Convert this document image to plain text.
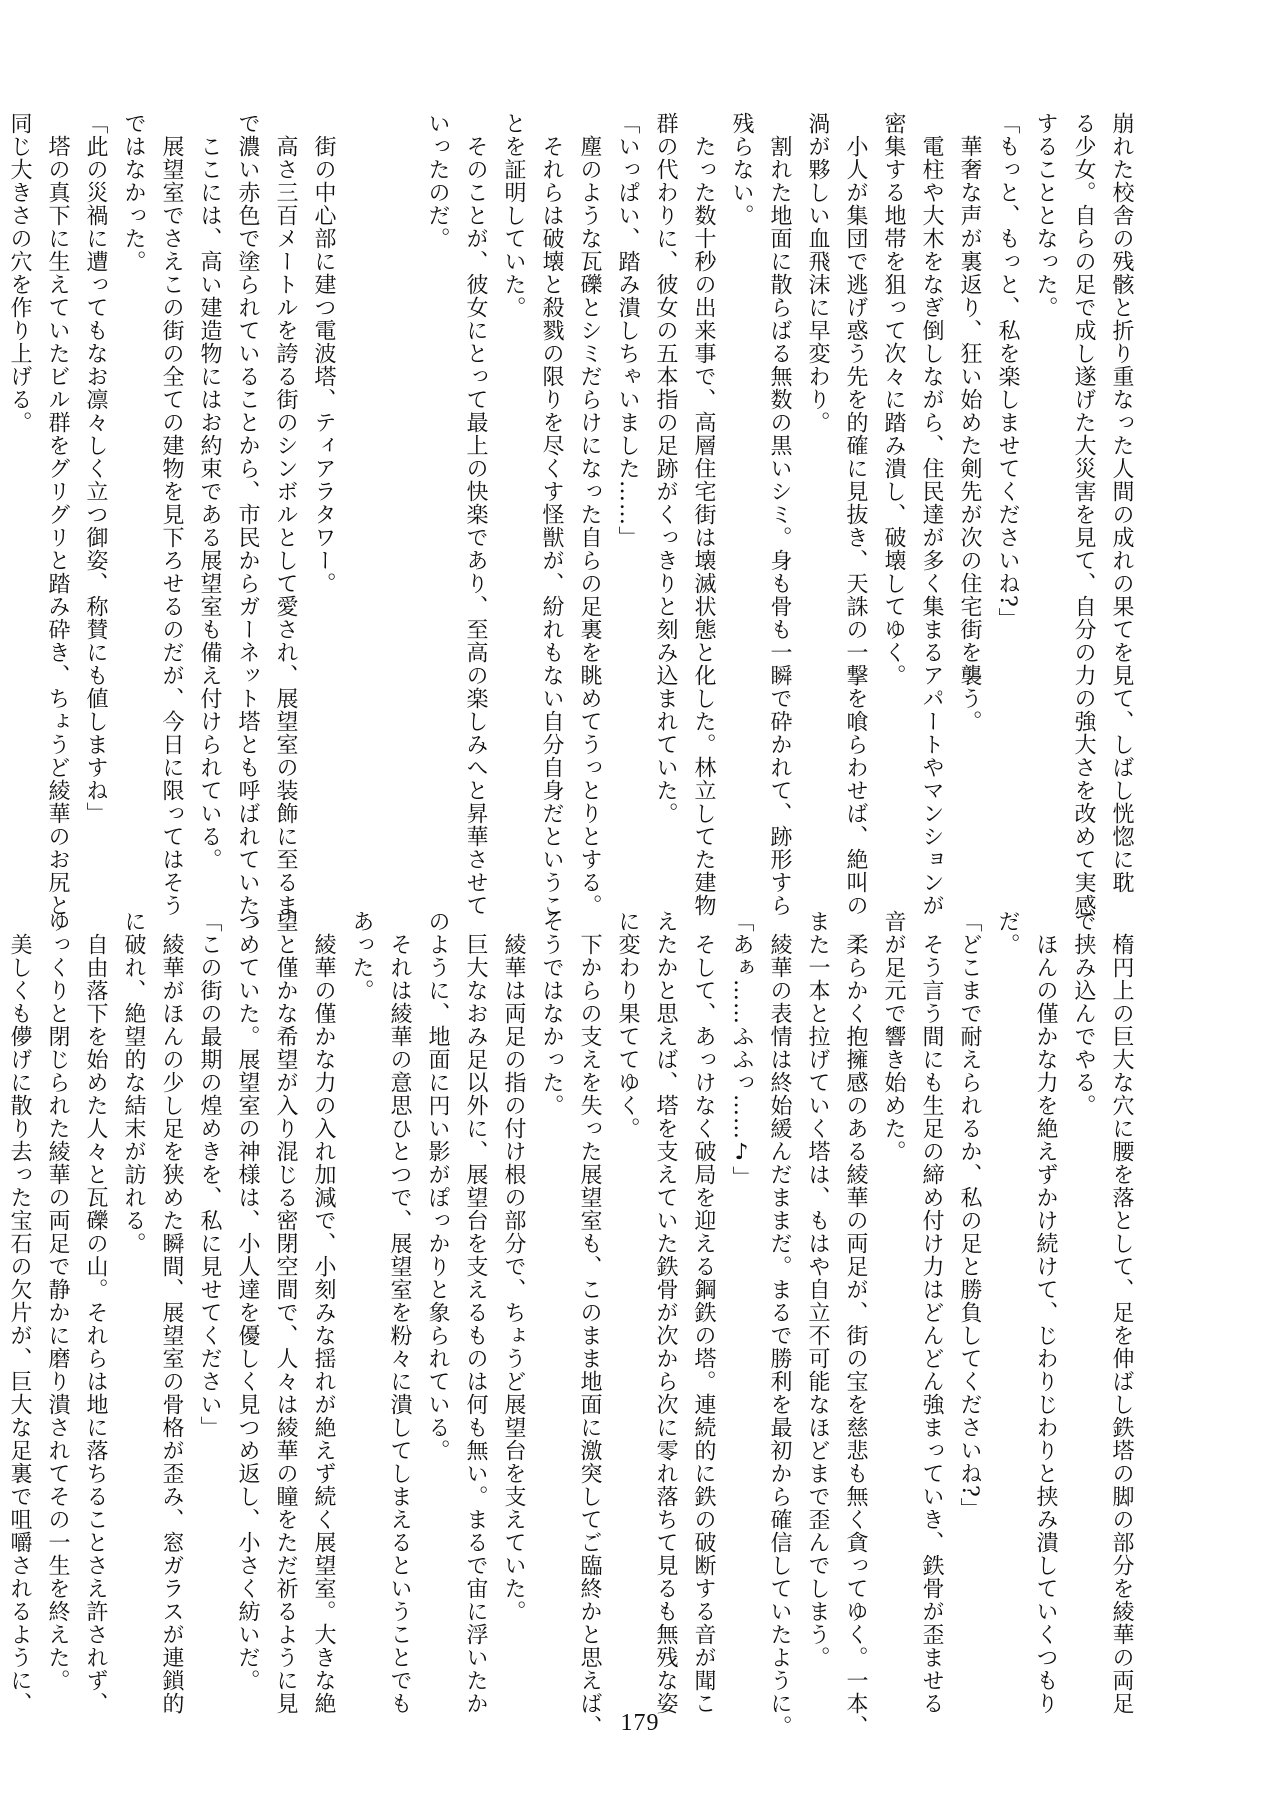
崩れた校舎の残骸と折り重なった人間の成れの果てを見て、しばし恍惚に耽
る少女。自らの足で成し遂げた大災害を見て、自分の力の強大さを改めて実感
することとなった。
「もっと、もっと、私を楽しませてくださいね?」
　華奢な声が裏返り、狂い始めた剣先が次の住宅街を襲う。
　電柱や大木をなぎ倒しながら、住民達が多く集まるアパートやマンションが
密集する地帯を狙って次々に踏み潰し、破壊してゆく。
　小人が集団で逃げ惑う先を的確に見抜き、天誅の一撃を喰らわせば、絶叫の
渦が夥しい血飛沫に早変わり。
　割れた地面に散らばる無数の黒いシミ。身も骨も一瞬で砕かれて、跡形すら
残らない。
　たった数十秒の出来事で、高層住宅街は壊滅状態と化した。林立してた建物
群の代わりに、彼女の五本指の足跡がくっきりと刻み込まれていた。
「いっぱい、踏み潰しちゃいました……」
　塵のような瓦礫とシミだらけになった自らの足裏を眺めてうっとりとする。
　それらは破壊と殺戮の限りを尽くす怪獣が、紛れもない自分自身だというこ
とを証明していた。
　そのことが、彼女にとって最上の快楽であり、至高の楽しみへと昇華させて
いったのだ。

　街の中心部に建つ電波塔、ティアラタワー。
　高さ三百メートルを誇る街のシンボルとして愛され、展望室の装飾に至るま
で濃い赤色で塗られていることから、市民からガーネット塔とも呼ばれていた。
　ここには、高い建造物にはお約束である展望室も備え付けられている。
　展望室でさえこの街の全ての建物を見下ろせるのだが、今日に限ってはそう
ではなかった。
「此の災禍に遭ってもなお凛々しく立つ御姿、称賛にも値しますね」
　塔の真下に生えていたビル群をグリグリと踏み砕き、ちょうど綾華のお尻と
同じ大きさの穴を作り上げる。
　楕円上の巨大な穴に腰を落として、足を伸ばし鉄塔の脚の部分を綾華の両足
で挟み込んでやる。
　ほんの僅かな力を絶えずかけ続けて、じわりじわりと挟み潰していくつもり
だ。
「どこまで耐えられるか、私の足と勝負してくださいね?」
　そう言う間にも生足の締め付け力はどんどん強まっていき、鉄骨が歪ませる
音が足元で響き始めた。
　柔らかく抱擁感のある綾華の両足が、街の宝を慈悲も無く貪ってゆく。一本、
また一本と拉げていく塔は、もはや自立不可能なほどまで歪んでしまう。
　綾華の表情は終始緩んだままだ。まるで勝利を最初から確信していたように。
「あぁ……ふふっ……♪」
　そして、あっけなく破局を迎える鋼鉄の塔。連続的に鉄の破断する音が聞こ
えたかと思えば、塔を支えていた鉄骨が次から次に零れ落ちて見るも無残な姿
に変わり果ててゆく。
　下からの支えを失った展望室も、このまま地面に激突してご臨終かと思えば、
そうではなかった。
　綾華は両足の指の付け根の部分で、ちょうど展望台を支えていた。
　巨大なおみ足以外に、展望台を支えるものは何も無い。まるで宙に浮いたか
のように、地面に円い影がぽっかりと象られている。
　それは綾華の意思ひとつで、展望室を粉々に潰してしまえるということでも
あった。
　綾華の僅かな力の入れ加減で、小刻みな揺れが絶えず続く展望室。大きな絶
望と僅かな希望が入り混じる密閉空間で、人々は綾華の瞳をただ祈るように見
つめていた。展望室の神様は、小人達を優しく見つめ返し、小さく紡いだ。
「この街の最期の煌めきを、私に見せてください」
　綾華がほんの少し足を狭めた瞬間、展望室の骨格が歪み、窓ガラスが連鎖的
に破れ、絶望的な結末が訪れる。
　自由落下を始めた人々と瓦礫の山。それらは地に落ちることさえ許されず、
ゆっくりと閉じられた綾華の両足で静かに磨り潰されてその一生を終えた。
　美しくも儚げに散り去った宝石の欠片が、巨大な足裏で咀嚼されるように、
179
